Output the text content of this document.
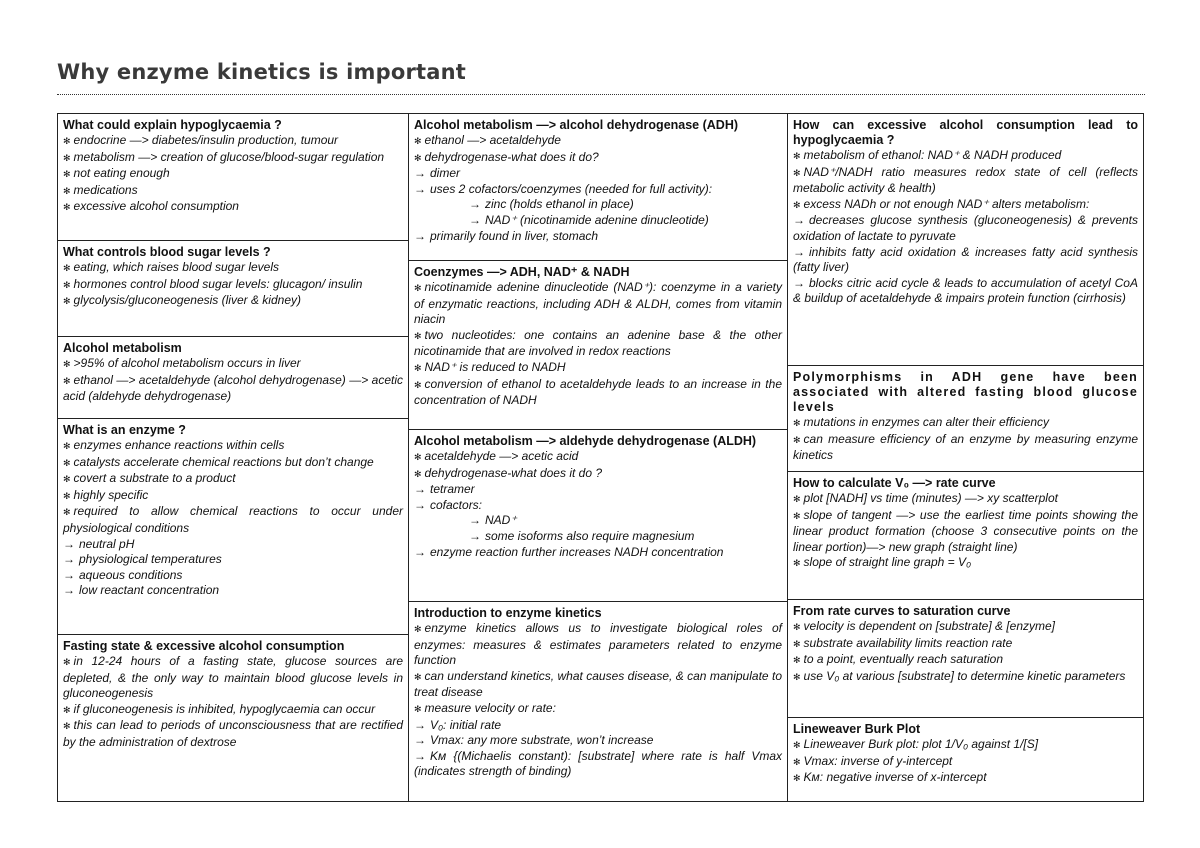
Why enzyme kinetics is important
What could explain hypoglycaemia ?
✻ endocrine —> diabetes/insulin production, tumour
✻ metabolism —> creation of glucose/blood-sugar regulation
✻ not eating enough
✻ medications
✻ excessive alcohol consumption
What controls blood sugar levels ?
✻ eating, which raises blood sugar levels
✻ hormones control blood sugar levels: glucagon/ insulin
✻ glycolysis/gluconeogenesis (liver & kidney)
Alcohol metabolism
✻ >95% of alcohol metabolism occurs in liver
✻ ethanol —> acetaldehyde (alcohol dehydrogenase) —> acetic acid (aldehyde dehydrogenase)
What is an enzyme ?
✻ enzymes enhance reactions within cells
✻ catalysts accelerate chemical reactions but don’t change
✻ covert a substrate to a product
✻ highly specific
✻ required to allow chemical reactions to occur under physiological conditions
→ neutral pH
→ physiological temperatures
→ aqueous conditions
→ low reactant concentration
Fasting state & excessive alcohol consumption
✻ in 12-24 hours of a fasting state, glucose sources are depleted, & the only way to maintain blood glucose levels in gluconeogenesis
✻ if gluconeogenesis is inhibited, hypoglycaemia can occur
✻ this can lead to periods of unconsciousness that are rectified by the administration of dextrose
Alcohol metabolism —> alcohol dehydrogenase (ADH)
✻ ethanol —> acetaldehyde
✻ dehydrogenase-what does it do?
→ dimer
→ uses 2 cofactors/coenzymes (needed for full activity):
→ zinc (holds ethanol in place)
→ NAD⁺ (nicotinamide adenine dinucleotide)
→ primarily found in liver, stomach
Coenzymes —> ADH, NAD⁺ & NADH
✻ nicotinamide adenine dinucleotide (NAD⁺): coenzyme in a variety of enzymatic reactions, including ADH & ALDH, comes from vitamin niacin
✻ two nucleotides: one contains an adenine base & the other nicotinamide that are involved in redox reactions
✻ NAD⁺ is reduced to NADH
✻ conversion of ethanol to acetaldehyde leads to an increase in the concentration of NADH
Alcohol metabolism —> aldehyde dehydrogenase (ALDH)
✻ acetaldehyde —> acetic acid
✻ dehydrogenase-what does it do ?
→ tetramer
→ cofactors:
→ NAD⁺
→ some isoforms also require magnesium
→ enzyme reaction further increases NADH concentration
Introduction to enzyme kinetics
✻ enzyme kinetics allows us to investigate biological roles of enzymes: measures & estimates parameters related to enzyme function
✻ can understand kinetics, what causes disease, & can manipulate to treat disease
✻ measure velocity or rate:
→ V₀: initial rate
→ Vmax: any more substrate, won’t increase
→ Kᴍ {(Michaelis constant): [substrate] where rate is half Vmax (indicates strength of binding)
How can excessive alcohol consumption lead to hypoglycaemia ?
✻ metabolism of ethanol: NAD⁺ & NADH produced
✻ NAD⁺/NADH ratio measures redox state of cell (reflects metabolic activity & health)
✻ excess NADh or not enough NAD⁺ alters metabolism:
→ decreases glucose synthesis (gluconeogenesis) & prevents oxidation of lactate to pyruvate
→ inhibits fatty acid oxidation & increases fatty acid synthesis (fatty liver)
→ blocks citric acid cycle & leads to accumulation of acetyl CoA & buildup of acetaldehyde & impairs protein function (cirrhosis)
Polymorphisms in ADH gene have been associated with altered fasting blood glucose levels
✻ mutations in enzymes can alter their efficiency
✻ can measure efficiency of an enzyme by measuring enzyme kinetics
How to calculate V₀ —> rate curve
✻ plot [NADH] vs time (minutes) —> xy scatterplot
✻ slope of tangent —> use the earliest time points showing the linear product formation (choose 3 consecutive points on the linear portion)—> new graph (straight line)
✻ slope of straight line graph = V₀
From rate curves to saturation curve
✻ velocity is dependent on [substrate] & [enzyme]
✻ substrate availability limits reaction rate
✻ to a point, eventually reach saturation
✻ use V₀ at various [substrate] to determine kinetic parameters
Lineweaver Burk Plot
✻ Lineweaver Burk plot: plot 1/V₀ against 1/[S]
✻ Vmax: inverse of y-intercept
✻ Kᴍ: negative inverse of x-intercept
